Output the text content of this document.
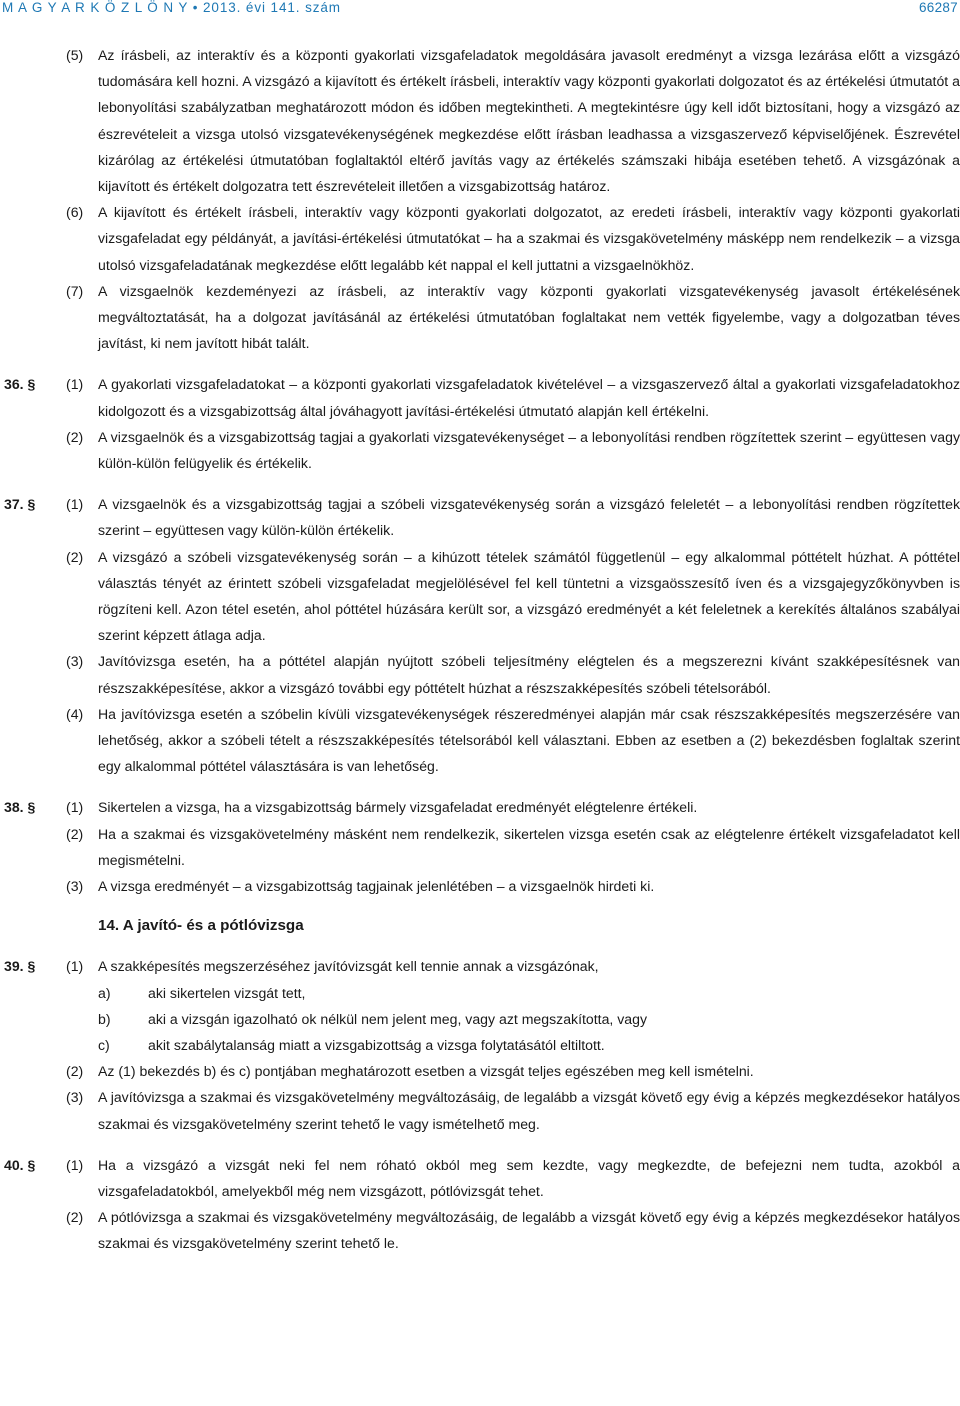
M A G Y A R K Ö Z L Ö N Y • 2013. évi 141. szám	66287
(5)	Az írásbeli, az interaktív és a központi gyakorlati vizsgafeladatok megoldására javasolt eredményt a vizsga lezárása előtt a vizsgázó tudomására kell hozni. A vizsgázó a kijavított és értékelt írásbeli, interaktív vagy központi gyakorlati dolgozatot és az értékelési útmutatót a lebonyolítási szabályzatban meghatározott módon és időben megtekintheti. A megtekintésre úgy kell időt biztosítani, hogy a vizsgázó az észrevételeit a vizsga utolsó vizsgatevékenységének megkezdése előtt írásban leadhassa a vizsgaszervező képviselőjének. Észrevétel kizárólag az értékelési útmutatóban foglaltaktól eltérő javítás vagy az értékelés számszaki hibája esetében tehető. A vizsgázónak a kijavított és értékelt dolgozatra tett észrevételeit illetően a vizsgabizottság határoz.
(6)	A kijavított és értékelt írásbeli, interaktív vagy központi gyakorlati dolgozatot, az eredeti írásbeli, interaktív vagy központi gyakorlati vizsgafeladat egy példányát, a javítási-értékelési útmutatókat – ha a szakmai és vizsgakövetelmény másképp nem rendelkezik – a vizsga utolsó vizsgafeladatának megkezdése előtt legalább két nappal el kell juttatni a vizsgaelnökhöz.
(7)	A vizsgaelnök kezdeményezi az írásbeli, az interaktív vagy központi gyakorlati vizsgatevékenység javasolt értékelésének megváltoztatását, ha a dolgozat javításánál az értékelési útmutatóban foglaltakat nem vették figyelembe, vagy a dolgozatban téves javítást, ki nem javított hibát talált.
36. §	(1)	A gyakorlati vizsgafeladatokat – a központi gyakorlati vizsgafeladatok kivételével – a vizsgaszervező által a gyakorlati vizsgafeladatokhoz kidolgozott és a vizsgabizottság által jóváhagyott javítási-értékelési útmutató alapján kell értékelni.
(2)	A vizsgaelnök és a vizsgabizottság tagjai a gyakorlati vizsgatevékenységet – a lebonyolítási rendben rögzítettek szerint – együttesen vagy külön-külön felügyelik és értékelik.
37. §	(1)	A vizsgaelnök és a vizsgabizottság tagjai a szóbeli vizsgatevékenység során a vizsgázó feleletét – a lebonyolítási rendben rögzítettek szerint – együttesen vagy külön-külön értékelik.
(2)	A vizsgázó a szóbeli vizsgatevékenység során – a kihúzott tételek számától függetlenül – egy alkalommal póttételt húzhat. A póttétel választás tényét az érintett szóbeli vizsgafeladat megjelölésével fel kell tüntetni a vizsgaösszesítő íven és a vizsgajegyzőkönyvben is rögzíteni kell. Azon tétel esetén, ahol póttétel húzására került sor, a vizsgázó eredményét a két feleletnek a kerekítés általános szabályai szerint képzett átlaga adja.
(3)	Javítóvizsga esetén, ha a póttétel alapján nyújtott szóbeli teljesítmény elégtelen és a megszerezni kívánt szakképesítésnek van részszakképesítése, akkor a vizsgázó további egy póttételt húzhat a részszakképesítés szóbeli tételsorából.
(4)	Ha javítóvizsga esetén a szóbelin kívüli vizsgatevékenységek részeredményei alapján már csak részszakképesítés megszerzésére van lehetőség, akkor a szóbeli tételt a részszakképesítés tételsorából kell választani. Ebben az esetben a (2) bekezdésben foglaltak szerint egy alkalommal póttétel választására is van lehetőség.
38. §	(1)	Sikertelen a vizsga, ha a vizsgabizottság bármely vizsgafeladat eredményét elégtelenre értékeli.
(2)	Ha a szakmai és vizsgakövetelmény másként nem rendelkezik, sikertelen vizsga esetén csak az elégtelenre értékelt vizsgafeladatot kell megismételni.
(3)	A vizsga eredményét – a vizsgabizottság tagjainak jelenlétében – a vizsgaelnök hirdeti ki.
14. A javító- és a pótlóvizsga
39. §	(1)	A szakképesítés megszerzéséhez javítóvizsgát kell tennie annak a vizsgázónak,
a)	aki sikertelen vizsgát tett,
b)	aki a vizsgán igazolható ok nélkül nem jelent meg, vagy azt megszakította, vagy
c)	akit szabálytalanság miatt a vizsgabizottság a vizsga folytatásától eltiltott.
(2)	Az (1) bekezdés b) és c) pontjában meghatározott esetben a vizsgát teljes egészében meg kell ismételni.
(3)	A javítóvizsga a szakmai és vizsgakövetelmény megváltozásáig, de legalább a vizsgát követő egy évig a képzés megkezdésekor hatályos szakmai és vizsgakövetelmény szerint tehető le vagy ismételhető meg.
40. §	(1)	Ha a vizsgázó a vizsgát neki fel nem róható okból meg sem kezdte, vagy megkezdte, de befejezni nem tudta, azokból a vizsgafeladatokból, amelyekből még nem vizsgázott, pótlóvizsgát tehet.
(2)	A pótlóvizsga a szakmai és vizsgakövetelmény megváltozásáig, de legalább a vizsgát követő egy évig a képzés megkezdésekor hatályos szakmai és vizsgakövetelmény szerint tehető le.
